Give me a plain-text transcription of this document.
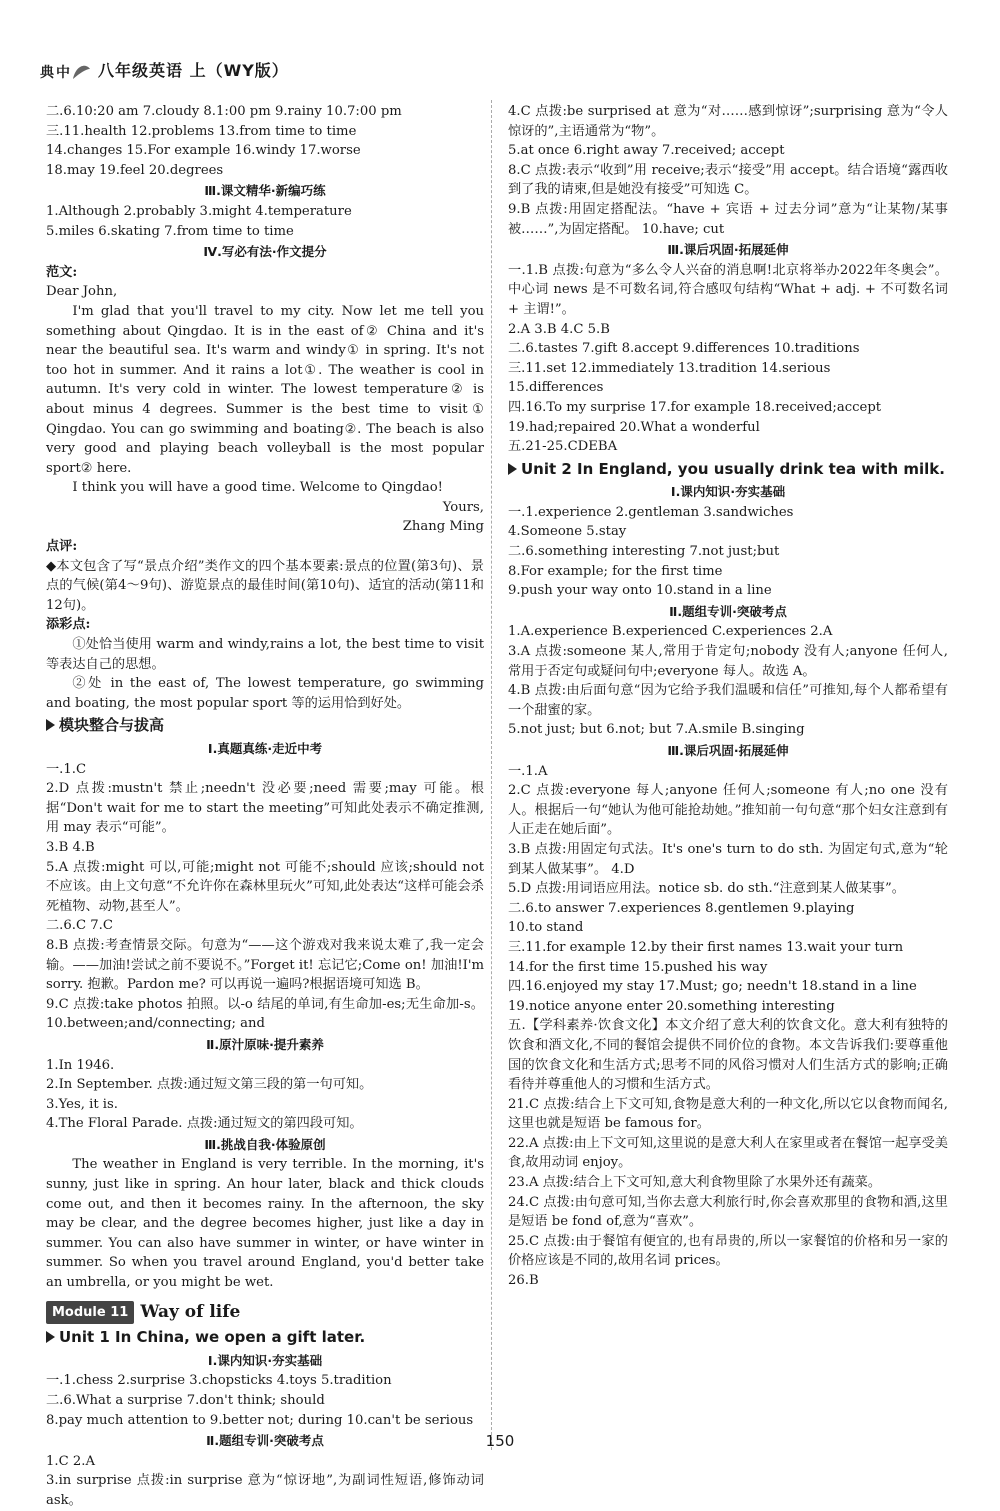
典 中 八年级英语 上（WY版）
二.6.10:20 am 7.cloudy 8.1:00 pm 9.rainy 10.7:00 pm
三.11.health 12.problems 13.from time to time
14.changes 15.For example 16.windy 17.worse
18.may 19.feel 20.degrees
Ⅲ.课文精华·新编巧练
1.Although 2.probably 3.might 4.temperature
5.miles 6.skating 7.from time to time
Ⅳ.写必有法·作文提分

范文:

Dear John,

I'm glad that you'll travel to my city. Now let me tell you something about Qingdao. It is in the east of② China and it's near the beautiful sea. It's warm and windy① in spring. It's not too hot in summer. And it rains a lot①. The weather is cool in autumn. It's very cold in winter. The lowest temperature② is about minus 4 degrees. Summer is the best time to visit① Qingdao. You can go swimming and boating②. The beach is also very good and playing beach volleyball is the most popular sport② here.

I think you will have a good time. Welcome to Qingdao!

Yours,

Zhang Ming

点评:
◆本文包含了写“景点介绍”类作文的四个基本要素:景点的位置(第3句)、景点的气候(第4～9句)、游览景点的最佳时间(第10句)、适宜的活动(第11和12句)。
添彩点:
①处恰当使用 warm and windy,rains a lot, the best time to visit 等表达自己的思想。
②处 in the east of, The lowest temperature, go swimming and boating, the most popular sport 等的运用恰到好处。
模块整合与拔高
Ⅰ.真题真练·走近中考
一.1.C
2.D 点拨:mustn't 禁止;needn't 没必要;need 需要;may 可能。根据“Don't wait for me to start the meeting”可知此处表示不确定推测,用 may 表示“可能”。
3.B 4.B
5.A 点拨:might 可以,可能;might not 可能不;should 应该;should not 不应该。由上文句意“不允许你在森林里玩火”可知,此处表达“这样可能会杀死植物、动物,甚至人”。
二.6.C 7.C
8.B 点拨:考查情景交际。句意为“——这个游戏对我来说太难了,我一定会输。——加油!尝试之前不要说不。”Forget it! 忘记它;Come on! 加油!I'm sorry. 抱歉。Pardon me? 可以再说一遍吗?根据语境可知选 B。
9.C 点拨:take photos 拍照。以-o 结尾的单词,有生命加-es;无生命加-s。 10.between;and/connecting; and
Ⅱ.原汁原味·提升素养
1.In 1946.
2.In September. 点拨:通过短文第三段的第一句可知。
3.Yes, it is.
4.The Floral Parade. 点拨:通过短文的第四段可知。
Ⅲ.挑战自我·体验原创
The weather in England is very terrible. In the morning, it's sunny, just like in spring. An hour later, black and thick clouds come out, and then it becomes rainy. In the afternoon, the sky may be clear, and the degree becomes higher, just like a day in summer. You can also have summer in winter, or have winter in summer. So when you travel around England, you'd better take an umbrella, or you might be wet.
Module 11 Way of life
Unit 1 In China, we open a gift later.
Ⅰ.课内知识·夯实基础
一.1.chess 2.surprise 3.chopsticks 4.toys 5.tradition
二.6.What a surprise 7.don't think; should
8.pay much attention to 9.better not; during 10.can't be serious
Ⅱ.题组专训·突破考点
1.C 2.A
3.in surprise 点拨:in surprise 意为“惊讶地”,为副词性短语,修饰动词 ask。
4.C 点拨:be surprised at 意为“对……感到惊讶”;surprising 意为“令人惊讶的”,主语通常为“物”。
5.at once 6.right away 7.received; accept
8.C 点拨:表示“收到”用 receive;表示“接受”用 accept。结合语境“露西收到了我的请柬,但是她没有接受”可知选 C。
9.B 点拨:用固定搭配法。“have + 宾语 + 过去分词”意为“让某物/某事被……”,为固定搭配。 10.have; cut
Ⅲ.课后巩固·拓展延伸
一.1.B 点拨:句意为“多么令人兴奋的消息啊!北京将举办2022年冬奥会”。中心词 news 是不可数名词,符合感叹句结构“What + adj. + 不可数名词 + 主谓!”。
2.A 3.B 4.C 5.B
二.6.tastes 7.gift 8.accept 9.differences 10.traditions
三.11.set 12.immediately 13.tradition 14.serious
15.differences
四.16.To my surprise 17.for example 18.received;accept
19.had;repaired 20.What a wonderful
五.21-25.CDEBA
Unit 2 In England, you usually drink tea with milk.
Ⅰ.课内知识·夯实基础
一.1.experience 2.gentleman 3.sandwiches
4.Someone 5.stay
二.6.something interesting 7.not just;but
8.For example; for the first time
9.push your way onto 10.stand in a line
Ⅱ.题组专训·突破考点
1.A.experience B.experienced C.experiences 2.A
3.A 点拨:someone 某人,常用于肯定句;nobody 没有人;anyone 任何人,常用于否定句或疑问句中;everyone 每人。故选 A。
4.B 点拨:由后面句意“因为它给予我们温暖和信任”可推知,每个人都希望有一个甜蜜的家。
5.not just; but 6.not; but 7.A.smile B.singing
Ⅲ.课后巩固·拓展延伸
一.1.A
2.C 点拨:everyone 每人;anyone 任何人;someone 有人;no one 没有人。根据后一句“她认为他可能抢劫她。”推知前一句句意“那个妇女注意到有人正走在她后面”。
3.B 点拨:用固定句式法。It's one's turn to do sth. 为固定句式,意为“轮到某人做某事”。 4.D
5.D 点拨:用词语应用法。notice sb. do sth.“注意到某人做某事”。
二.6.to answer 7.experiences 8.gentlemen 9.playing
10.to stand
三.11.for example 12.by their first names 13.wait your turn
14.for the first time 15.pushed his way
四.16.enjoyed my stay 17.Must; go; needn't 18.stand in a line
19.notice anyone enter 20.something interesting
五.【学科素养·饮食文化】本文介绍了意大利的饮食文化。意大利有独特的饮食和酒文化,不同的餐馆会提供不同价位的食物。本文告诉我们:要尊重他国的饮食文化和生活方式;思考不同的风俗习惯对人们生活方式的影响;正确看待并尊重他人的习惯和生活方式。
21.C 点拨:结合上下文可知,食物是意大利的一种文化,所以它以食物而闻名,这里也就是短语 be famous for。
22.A 点拨:由上下文可知,这里说的是意大利人在家里或者在餐馆一起享受美食,故用动词 enjoy。
23.A 点拨:结合上下文可知,意大利食物里除了水果外还有蔬菜。
24.C 点拨:由句意可知,当你去意大利旅行时,你会喜欢那里的食物和酒,这里是短语 be fond of,意为“喜欢”。
25.C 点拨:由于餐馆有便宜的,也有昂贵的,所以一家餐馆的价格和另一家的价格应该是不同的,故用名词 prices。
26.B
150
